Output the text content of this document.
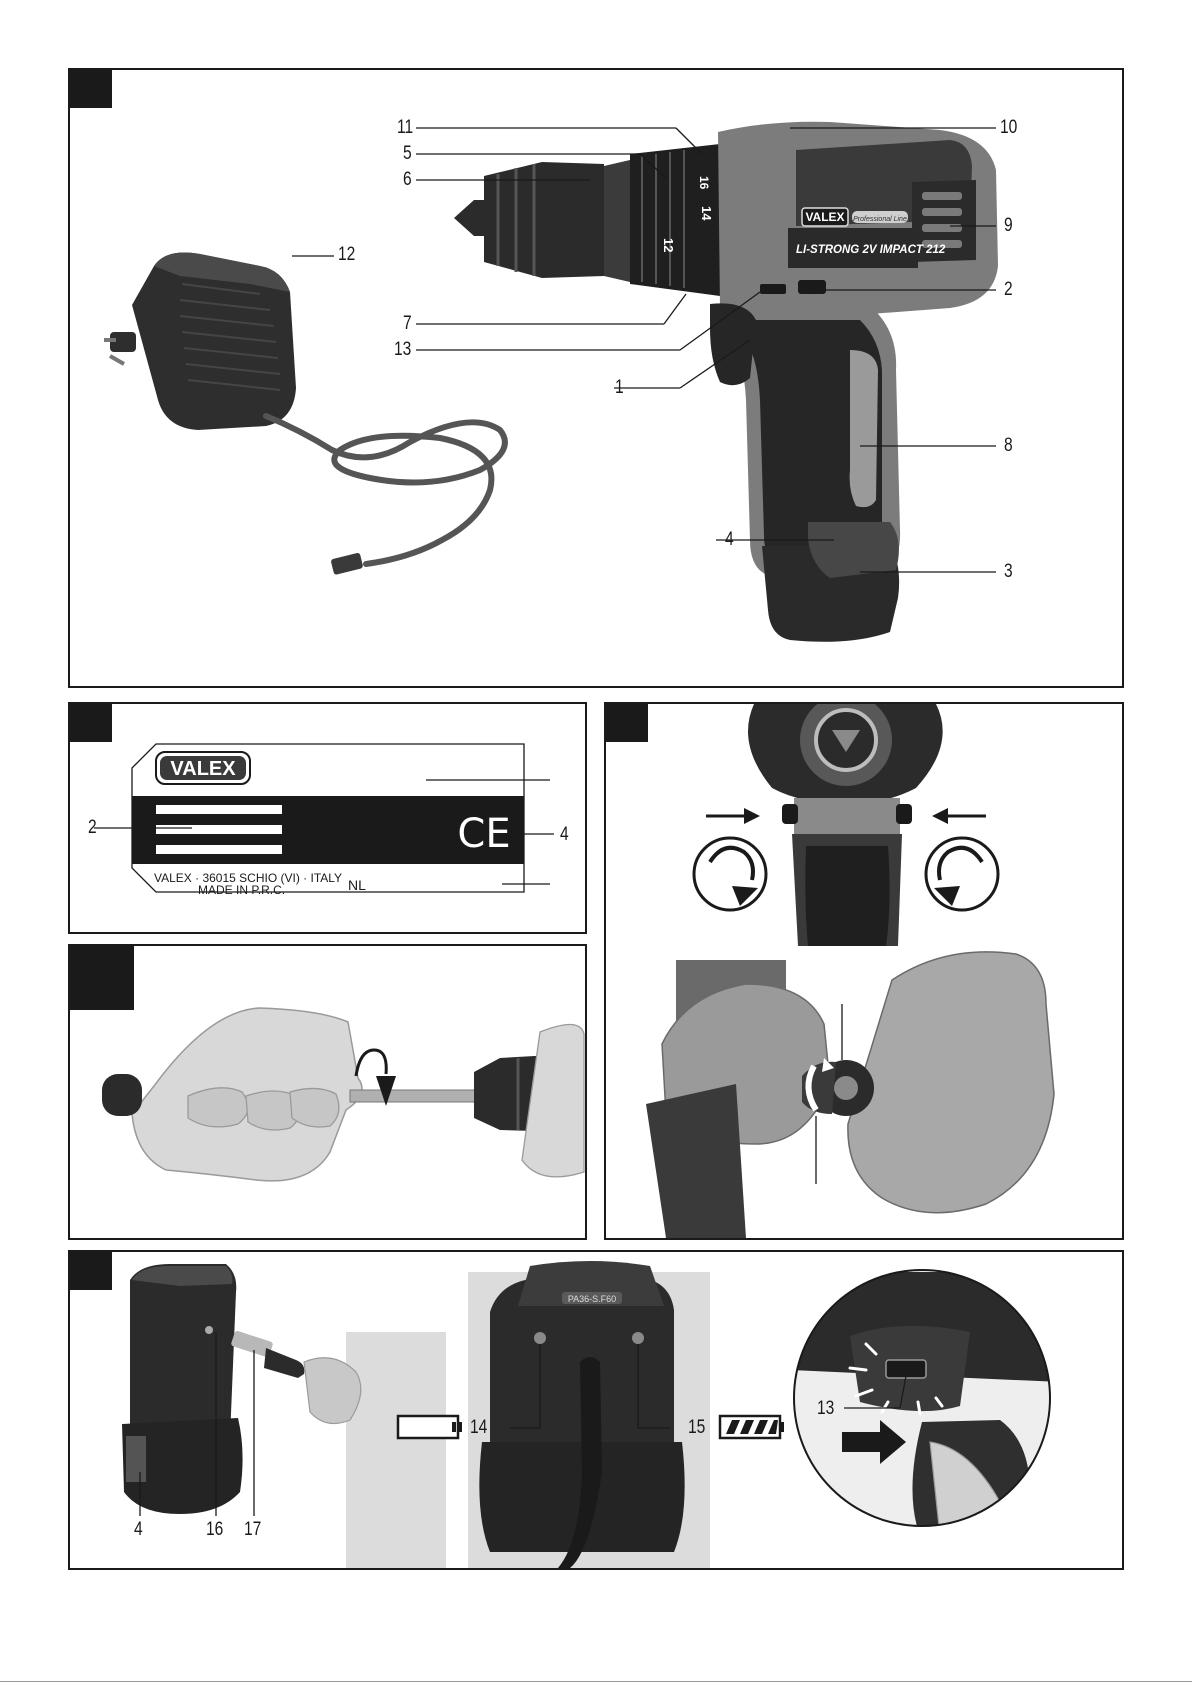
VALEX Professional Line
LI-STRONG 2V IMPACT 212
16
14
12
12
11
5
6
7
13
1
4
10
9
2
8
3
VALEX
CE
VALEX · 36015 SCHIO (VI) · ITALY
MADE IN P.R.C.	NL
2	4
PA36-S.F60
4	16 17
14	15
13
